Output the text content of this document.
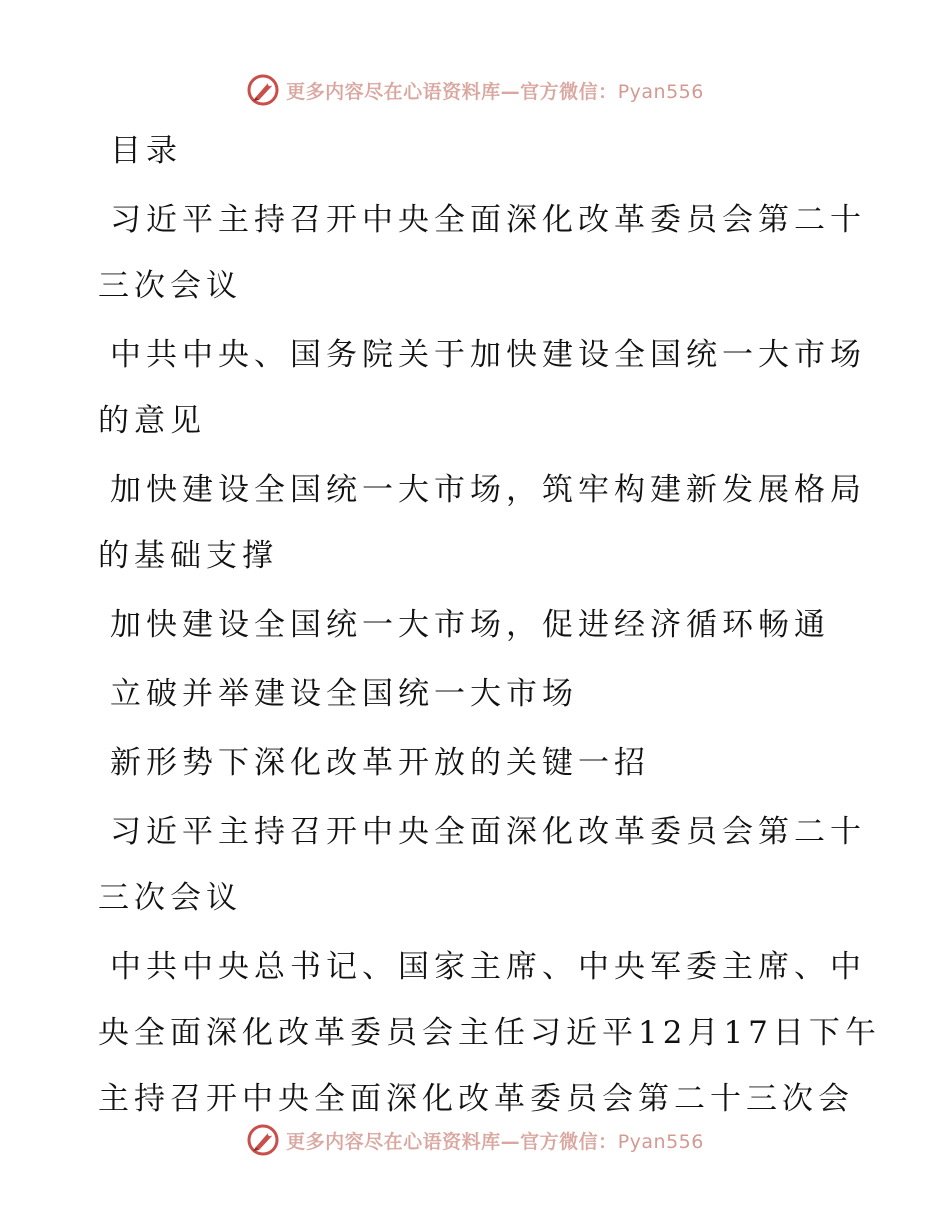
更多内容尽在心语资料库—官方微信：Pyan556
目录
习近平主持召开中央全面深化改革委员会第二十
三次会议
中共中央、国务院关于加快建设全国统一大市场
的意见
加快建设全国统一大市场，筑牢构建新发展格局
的基础支撑
加快建设全国统一大市场，促进经济循环畅通
立破并举建设全国统一大市场
新形势下深化改革开放的关键一招
习近平主持召开中央全面深化改革委员会第二十
三次会议
中共中央总书记、国家主席、中央军委主席、中
央全面深化改革委员会主任习近平12月17日下午
主持召开中央全面深化改革委员会第二十三次会
更多内容尽在心语资料库—官方微信：Pyan556
